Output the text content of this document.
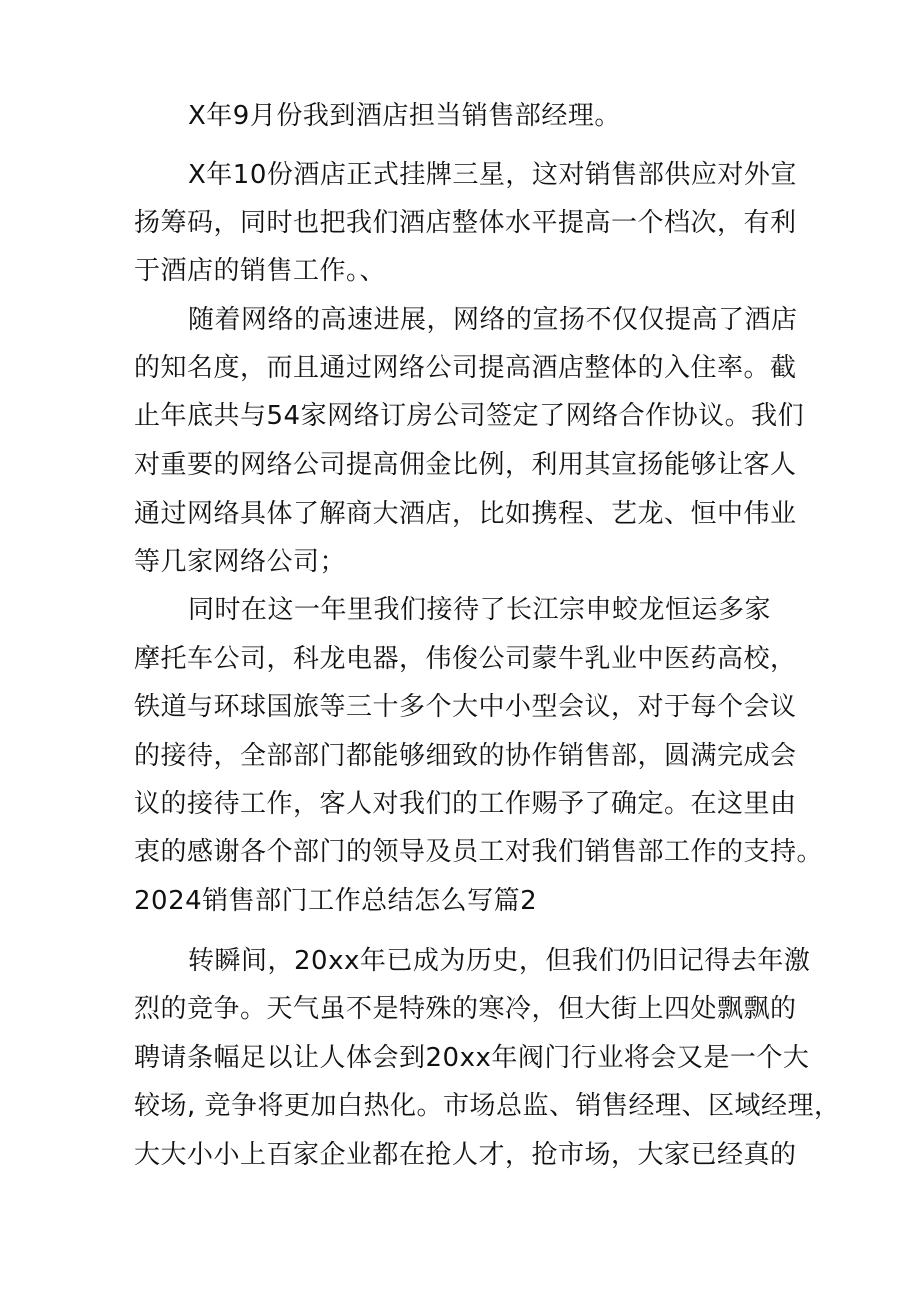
X年9月份我到酒店担当销售部经理。
X年10份酒店正式挂牌三星，这对销售部供应对外宣
扬筹码，同时也把我们酒店整体水平提高一个档次，有利
于酒店的销售工作。、
随着网络的高速进展，网络的宣扬不仅仅提高了酒店
的知名度，而且通过网络公司提高酒店整体的入住率。截
止年底共与54家网络订房公司签定了网络合作协议。我们
对重要的网络公司提高佣金比例，利用其宣扬能够让客人
通过网络具体了解商大酒店，比如携程、艺龙、恒中伟业
等几家网络公司；
同时在这一年里我们接待了长江宗申蛟龙恒运多家
摩托车公司，科龙电器，伟俊公司蒙牛乳业中医药高校，
铁道与环球国旅等三十多个大中小型会议，对于每个会议
的接待，全部部门都能够细致的协作销售部，圆满完成会
议的接待工作，客人对我们的工作赐予了确定。在这里由
衷的感谢各个部门的领导及员工对我们销售部工作的支持。
2024销售部门工作总结怎么写篇2
转瞬间，20xx年已成为历史，但我们仍旧记得去年激
烈的竞争。天气虽不是特殊的寒冷，但大街上四处飘飘的
聘请条幅足以让人体会到20xx年阀门行业将会又是一个大
较场, 竞争将更加白热化。市场总监、销售经理、区域经理，
大大小小上百家企业都在抢人才，抢市场，大家已经真的
